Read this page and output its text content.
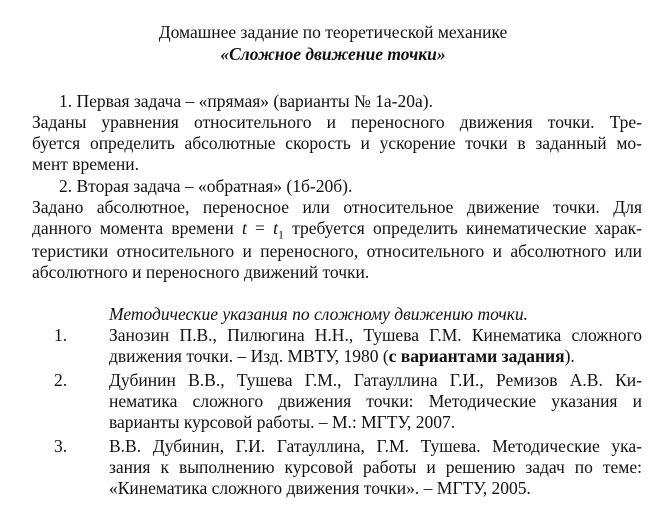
Домашнее задание по теоретической механике
«Сложное движение точки»
1. Первая задача – «прямая» (варианты № 1а-20а).
Заданы уравнения относительного и переносного движения точки. Тре-
буется определить абсолютные скорость и ускорение точки в заданный мо-
мент времени.
2. Вторая задача – «обратная» (1б-20б).
Задано абсолютное, переносное или относительное движение точки. Для
данного момента времени $t = t_1$ требуется определить кинематические харак-
теристики относительного и переносного, относительного и абсолютного или
абсолютного и переносного движений точки.
Методические указания по сложному движению точки.
1. Занозин П.В., Пилюгина Н.Н., Тушева Г.М. Кинематика сложного
движения точки. – Изд. МВТУ, 1980 (с вариантами задания).
2. Дубинин В.В., Тушева Г.М., Гатауллина Г.И., Ремизов А.В. Ки-
нематика сложного движения точки: Методические указания и
варианты курсовой работы. – М.: МГТУ, 2007.
3. В.В. Дубинин, Г.И. Гатауллина, Г.М. Тушева. Методические ука-
зания к выполнению курсовой работы и решению задач по теме:
«Кинематика сложного движения точки». – МГТУ, 2005.
